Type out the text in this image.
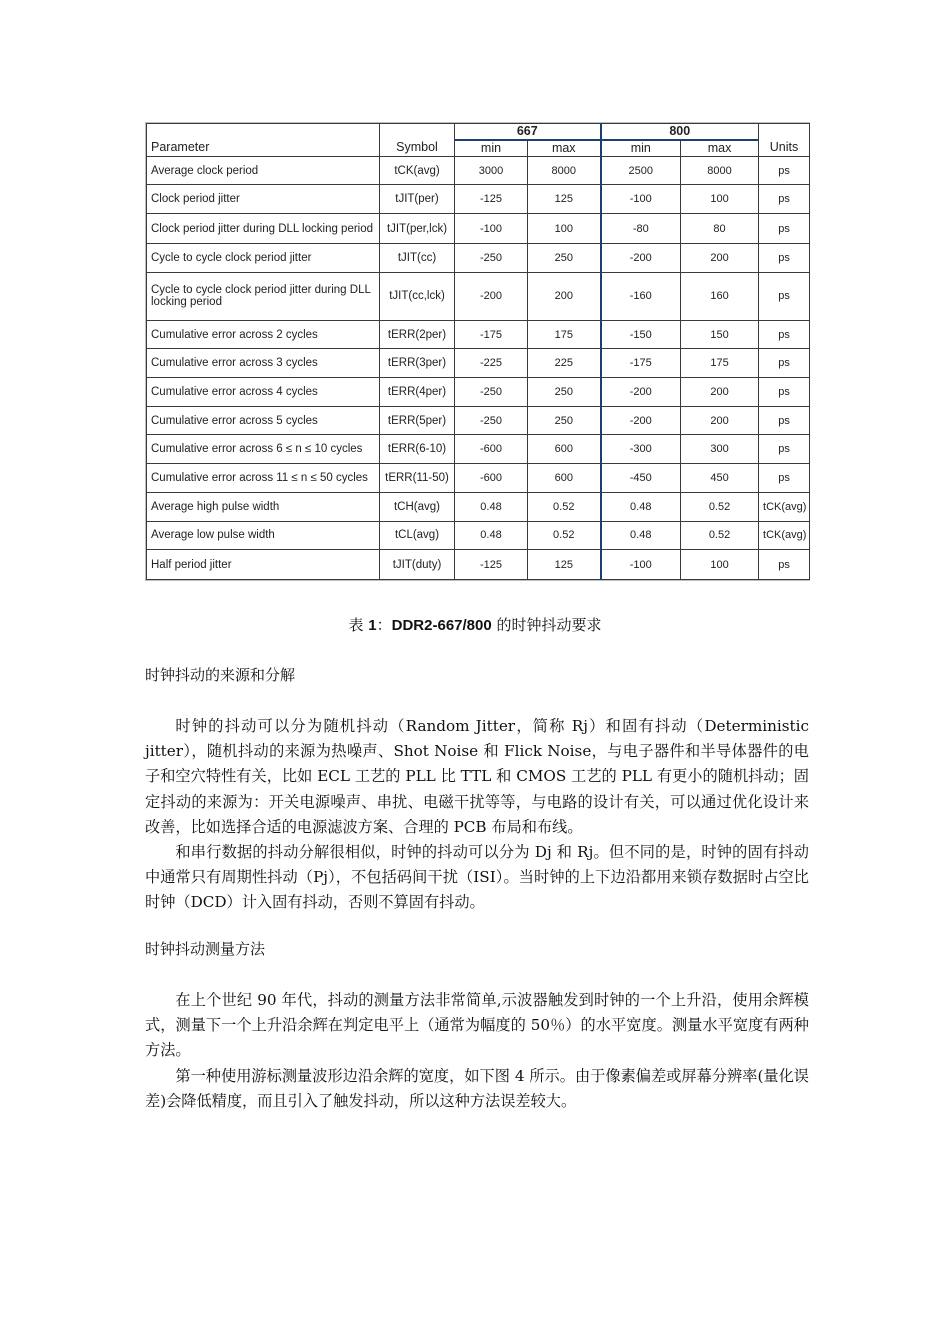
Parameter	Symbol	667		800		Units
		min	max	min	max	
Average clock period	tCK(avg)	3000	8000	2500	8000	ps
Clock period jitter	tJIT(per)	-125	125	-100	100	ps
Clock period jitter during DLL locking period	tJIT(per,lck)	-100	100	-80	80	ps
Cycle to cycle clock period jitter	tJIT(cc)	-250	250	-200	200	ps
Cycle to cycle clock period jitter during DLL locking period	tJIT(cc,lck)	-200	200	-160	160	ps
Cumulative error across 2 cycles	tERR(2per)	-175	175	-150	150	ps
Cumulative error across 3 cycles	tERR(3per)	-225	225	-175	175	ps
Cumulative error across 4 cycles	tERR(4per)	-250	250	-200	200	ps
Cumulative error across 5 cycles	tERR(5per)	-250	250	-200	200	ps
Cumulative error across 6 ≤ n ≤ 10 cycles	tERR(6-10)	-600	600	-300	300	ps
Cumulative error across 11 ≤ n ≤ 50 cycles	tERR(11-50)	-600	600	-450	450	ps
Average high pulse width	tCH(avg)	0.48	0.52	0.48	0.52	tCK(avg)
Average low pulse width	tCL(avg)	0.48	0.52	0.48	0.52	tCK(avg)
Half period jitter	tJIT(duty)	-125	125	-100	100	ps
表 1：DDR2-667/800 的时钟抖动要求
时钟抖动的来源和分解
时钟的抖动可以分为随机抖动（Random Jitter，简称 Rj）和固有抖动（Deterministic jitter），随机抖动的来源为热噪声、Shot Noise 和 Flick Noise，与电子器件和半导体器件的电子和空穴特性有关，比如 ECL 工艺的 PLL 比 TTL 和 CMOS 工艺的 PLL 有更小的随机抖动；固定抖动的来源为：开关电源噪声、串扰、电磁干扰等等，与电路的设计有关，可以通过优化设计来改善，比如选择合适的电源滤波方案、合理的 PCB 布局和布线。
和串行数据的抖动分解很相似，时钟的抖动可以分为 Dj 和 Rj。但不同的是，时钟的固有抖动中通常只有周期性抖动（Pj），不包括码间干扰（ISI）。当时钟的上下边沿都用来锁存数据时占空比时钟（DCD）计入固有抖动，否则不算固有抖动。
时钟抖动测量方法
在上个世纪 90 年代，抖动的测量方法非常简单,示波器触发到时钟的一个上升沿，使用余辉模式，测量下一个上升沿余辉在判定电平上（通常为幅度的 50％）的水平宽度。测量水平宽度有两种方法。
第一种使用游标测量波形边沿余辉的宽度，如下图 4 所示。由于像素偏差或屏幕分辨率(量化误差)会降低精度，而且引入了触发抖动，所以这种方法误差较大。
